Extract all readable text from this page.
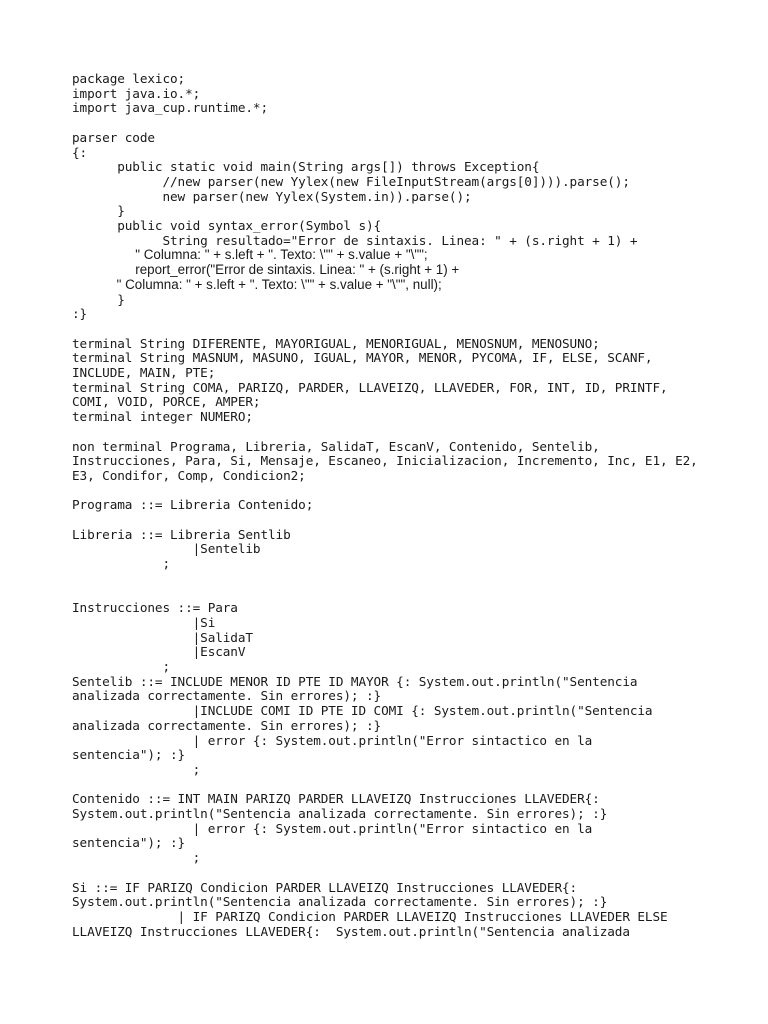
package lexico;
import java.io.*;
import java_cup.runtime.*;
parser code
{:
public static void main(String args[]) throws Exception{
//new parser(new Yylex(new FileInputStream(args[0]))).parse();
new parser(new Yylex(System.in)).parse();
}
public void syntax_error(Symbol s){
String resultado="Error de sintaxis. Linea: " + (s.right + 1) +
" Columna: " + s.left + ". Texto: \"" + s.value + "\"";
report_error("Error de sintaxis. Linea: " + (s.right + 1) +
" Columna: " + s.left + ". Texto: \"" + s.value + "\"", null);
}
:}
terminal String DIFERENTE, MAYORIGUAL, MENORIGUAL, MENOSNUM, MENOSUNO;
terminal String MASNUM, MASUNO, IGUAL, MAYOR, MENOR, PYCOMA, IF, ELSE, SCANF,
INCLUDE, MAIN, PTE;
terminal String COMA, PARIZQ, PARDER, LLAVEIZQ, LLAVEDER, FOR, INT, ID, PRINTF,
COMI, VOID, PORCE, AMPER;
terminal integer NUMERO;
non terminal Programa, Libreria, SalidaT, EscanV, Contenido, Sentelib,
Instrucciones, Para, Si, Mensaje, Escaneo, Inicializacion, Incremento, Inc, E1, E2,
E3, Condifor, Comp, Condicion2;
Programa ::= Libreria Contenido;
Libreria ::= Libreria Sentlib
|Sentelib
;
Instrucciones ::= Para
|Si
|SalidaT
|EscanV
;
Sentelib ::= INCLUDE MENOR ID PTE ID MAYOR {: System.out.println("Sentencia
analizada correctamente. Sin errores); :}
|INCLUDE COMI ID PTE ID COMI {: System.out.println("Sentencia
analizada correctamente. Sin errores); :}
| error {: System.out.println("Error sintactico en la
sentencia"); :}
;
Contenido ::= INT MAIN PARIZQ PARDER LLAVEIZQ Instrucciones LLAVEDER{:
System.out.println("Sentencia analizada correctamente. Sin errores); :}
| error {: System.out.println("Error sintactico en la
sentencia"); :}
;
Si ::= IF PARIZQ Condicion PARDER LLAVEIZQ Instrucciones LLAVEDER{:
System.out.println("Sentencia analizada correctamente. Sin errores); :}
| IF PARIZQ Condicion PARDER LLAVEIZQ Instrucciones LLAVEDER ELSE
LLAVEIZQ Instrucciones LLAVEDER{:  System.out.println("Sentencia analizada
